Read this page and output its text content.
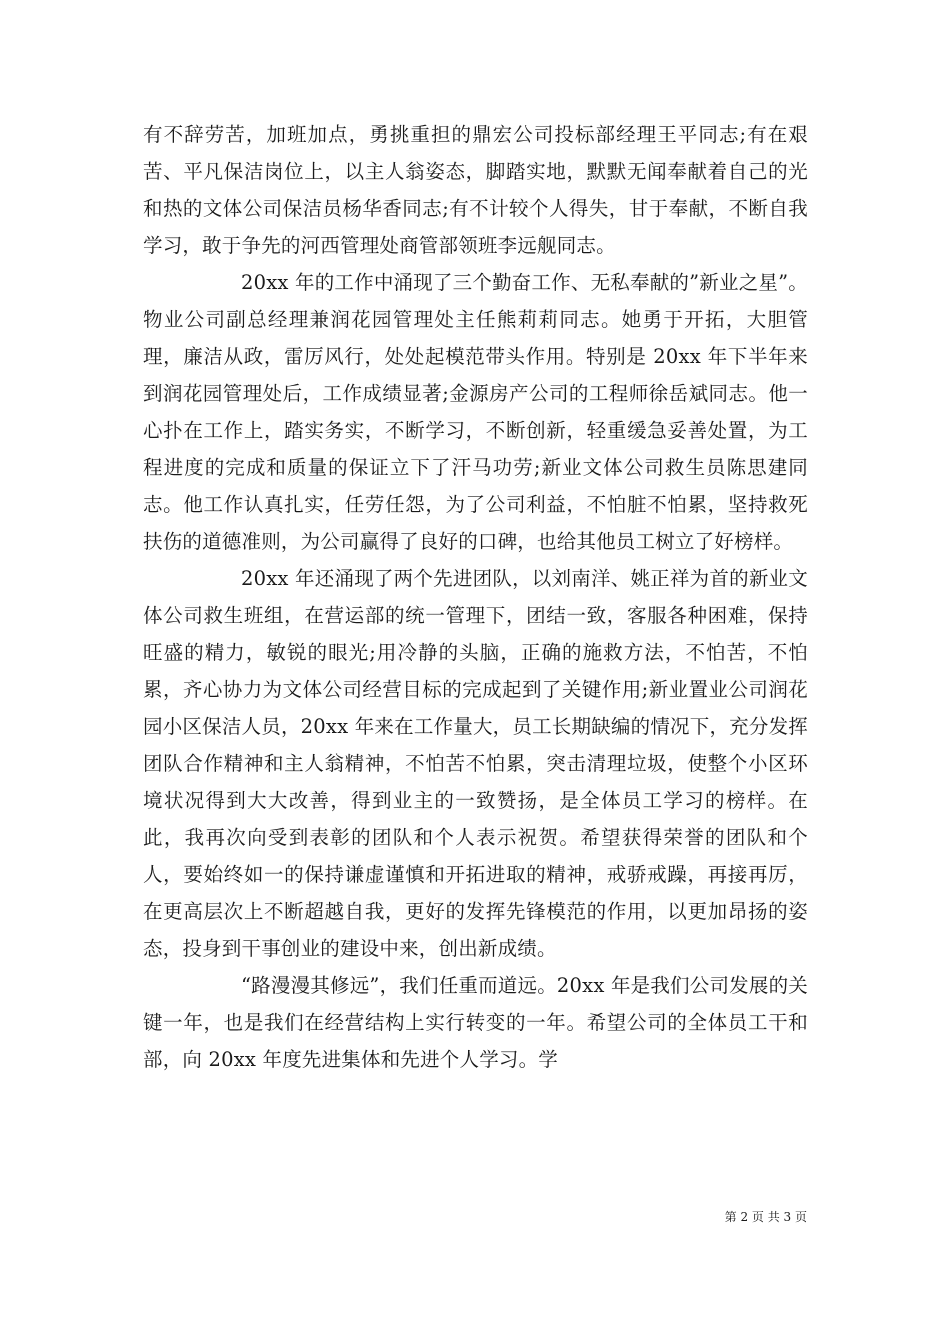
有不辞劳苦，加班加点，勇挑重担的鼎宏公司投标部经理王平同志;有在艰苦、平凡保洁岗位上，以主人翁姿态，脚踏实地，默默无闻奉献着自己的光和热的文体公司保洁员杨华香同志;有不计较个人得失，甘于奉献，不断自我学习，敢于争先的河西管理处商管部领班李远舰同志。

20xx 年的工作中涌现了三个勤奋工作、无私奉献的”新业之星”。物业公司副总经理兼润花园管理处主任熊莉莉同志。她勇于开拓，大胆管理，廉洁从政，雷厉风行，处处起模范带头作用。特别是 20xx 年下半年来到润花园管理处后，工作成绩显著;金源房产公司的工程师徐岳斌同志。他一心扑在工作上，踏实务实，不断学习，不断创新，轻重缓急妥善处置，为工程进度的完成和质量的保证立下了汗马功劳;新业文体公司救生员陈思建同志。他工作认真扎实，任劳任怨，为了公司利益，不怕脏不怕累，坚持救死扶伤的道德准则，为公司赢得了良好的口碑，也给其他员工树立了好榜样。

20xx 年还涌现了两个先进团队，以刘南洋、姚正祥为首的新业文体公司救生班组，在营运部的统一管理下，团结一致，客服各种困难，保持旺盛的精力，敏锐的眼光;用冷静的头脑，正确的施救方法，不怕苦，不怕累，齐心协力为文体公司经营目标的完成起到了关键作用;新业置业公司润花园小区保洁人员，20xx 年来在工作量大，员工长期缺编的情况下，充分发挥团队合作精神和主人翁精神，不怕苦不怕累，突击清理垃圾，使整个小区环境状况得到大大改善，得到业主的一致赞扬，是全体员工学习的榜样。在此，我再次向受到表彰的团队和个人表示祝贺。希望获得荣誉的团队和个人，要始终如一的保持谦虚谨慎和开拓进取的精神，戒骄戒躁，再接再厉，在更高层次上不断超越自我，更好的发挥先锋模范的作用，以更加昂扬的姿态，投身到干事创业的建设中来，创出新成绩。

“路漫漫其修远”，我们任重而道远。20xx 年是我们公司发展的关键一年，也是我们在经营结构上实行转变的一年。希望公司的全体员工干和部，向 20xx 年度先进集体和先进个人学习。学

第 2 页 共 3 页
